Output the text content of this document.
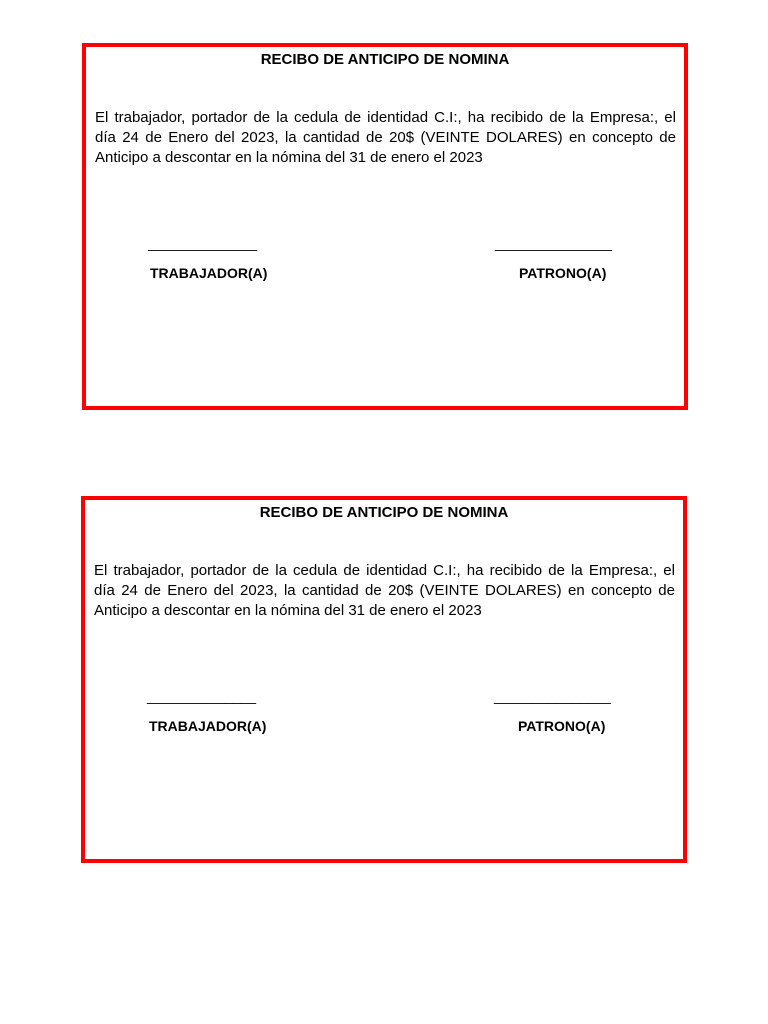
RECIBO DE ANTICIPO DE NOMINA
El trabajador, portador de la cedula de identidad C.I:, ha recibido de la Empresa:, el
día 24 de Enero del 2023, la cantidad de 20$ (VEINTE DOLARES) en concepto de
Anticipo a descontar en la nómina del 31 de enero el 2023
______________
TRABAJADOR(A)
_______________
PATRONO(A)
RECIBO DE ANTICIPO DE NOMINA
El trabajador, portador de la cedula de identidad C.I:, ha recibido de la Empresa:, el
día 24 de Enero del 2023, la cantidad de 20$ (VEINTE DOLARES) en concepto de
Anticipo a descontar en la nómina del 31 de enero el 2023
______________
TRABAJADOR(A)
_______________
PATRONO(A)
